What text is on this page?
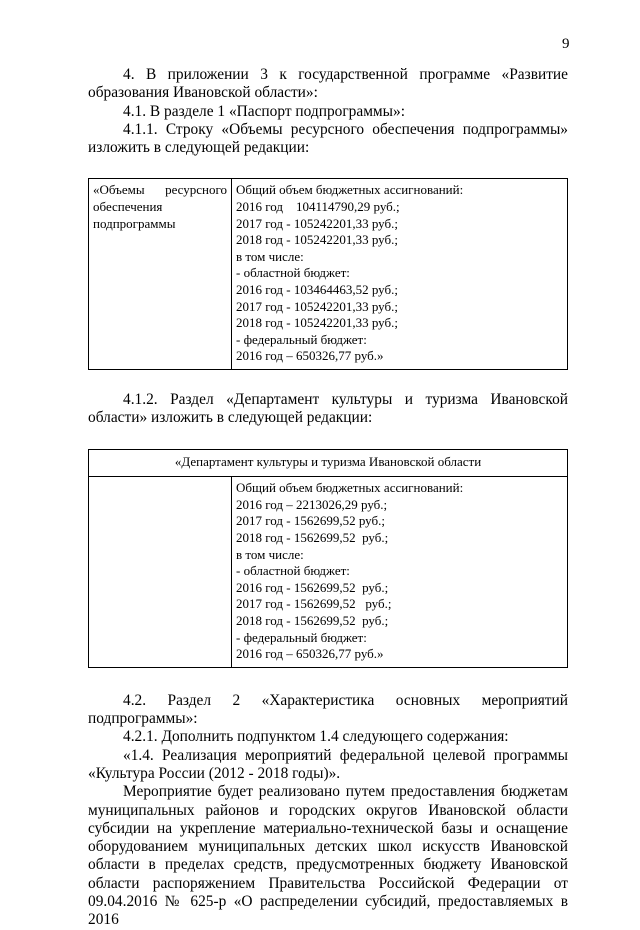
9

4. В приложении 3 к государственной программе «Развитие образования Ивановской области»:

4.1. В разделе 1 «Паспорт подпрограммы»:

4.1.1. Строку «Объемы ресурсного обеспечения подпрограммы» изложить в следующей редакции:

«Объемы ресурсного
обеспечения
подпрограммы

Общий объем бюджетных ассигнований:
2016 год    104114790,29 руб.;
2017 год - 105242201,33 руб.;
2018 год - 105242201,33 руб.;
в том числе:
- областной бюджет:
2016 год - 103464463,52 руб.;
2017 год - 105242201,33 руб.;
2018 год - 105242201,33 руб.;
- федеральный бюджет:
2016 год – 650326,77 руб.»

4.1.2. Раздел «Департамент культуры и туризма Ивановской области» изложить в следующей редакции:

«Департамент культуры и туризма Ивановской области

Общий объем бюджетных ассигнований:
2016 год – 2213026,29 руб.;
2017 год - 1562699,52 руб.;
2018 год - 1562699,52  руб.;
в том числе:
- областной бюджет:
2016 год - 1562699,52  руб.;
2017 год - 1562699,52   руб.;
2018 год - 1562699,52  руб.;
- федеральный бюджет:
2016 год – 650326,77 руб.»

4.2. Раздел 2 «Характеристика основных мероприятий подпрограммы»:

4.2.1. Дополнить подпунктом 1.4 следующего содержания:

«1.4. Реализация мероприятий федеральной целевой программы «Культура России (2012 - 2018 годы)».

Мероприятие будет реализовано путем предоставления бюджетам муниципальных районов и городских округов Ивановской области субсидии на укрепление материально-технической базы и оснащение оборудованием муниципальных детских школ искусств Ивановской области в пределах средств, предусмотренных бюджету Ивановской области распоряжением Правительства Российской Федерации от 09.04.2016 № 625-р «О распределении субсидий, предоставляемых в 2016
